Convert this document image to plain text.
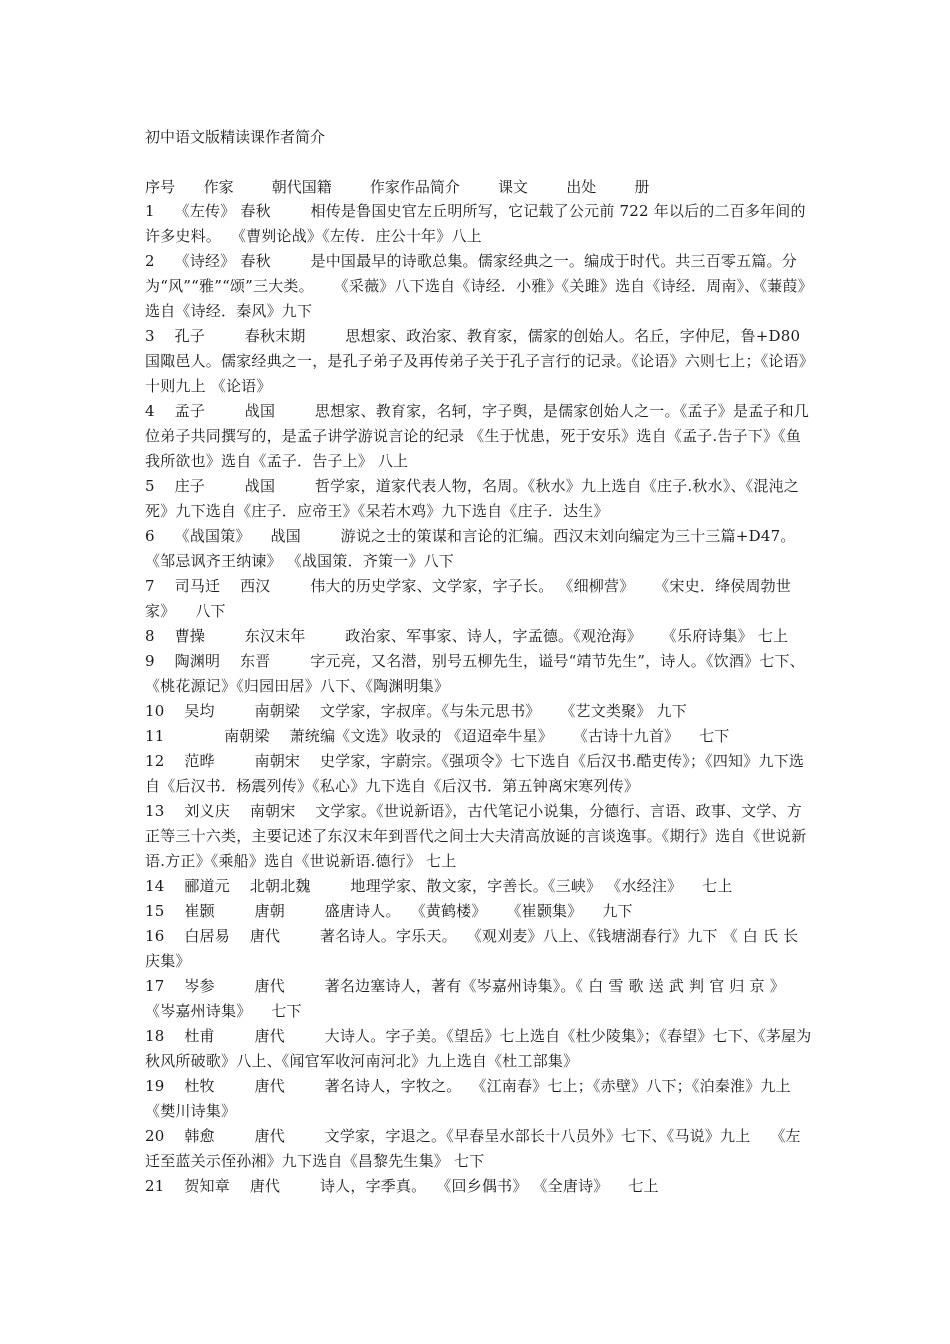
初中语文版精读课作者简介
序号      作家        朝代国籍        作家作品简介        课文        出处        册

1    《左传》 春秋        相传是鲁国史官左丘明所写，它记载了公元前 722 年以后的二百多年间的许多史料。  《曹刿论战》《左传．庄公十年》八上

2    《诗经》 春秋        是中国最早的诗歌总集。儒家经典之一。编成于时代。共三百零五篇。分为“风”“雅”“颂”三大类。    《采薇》八下选自《诗经．小雅》《关雎》选自《诗经．周南》、《蒹葭》选自《诗经．秦风》九下

3    孔子        春秋末期        思想家、政治家、教育家，儒家的创始人。名丘，字仲尼，鲁+D80 国陬邑人。儒家经典之一，是孔子弟子及再传弟子关于孔子言行的记录。《论语》六则七上；《论语》十则九上 《论语》

4    孟子        战国        思想家、教育家，名轲，字子舆，是儒家创始人之一。《孟子》是孟子和几位弟子共同撰写的，是孟子讲学游说言论的纪录 《生于忧患，死于安乐》选自《孟子.告子下》《鱼我所欲也》选自《孟子．告子上》 八上

5    庄子        战国        哲学家，道家代表人物，名周。《秋水》九上选自《庄子.秋水》、《混沌之死》九下选自《庄子．应帝王》《呆若木鸡》九下选自《庄子．达生》

6    《战国策》    战国        游说之士的策谋和言论的汇编。西汉末刘向编定为三十三篇+D47。  《邹忌讽齐王纳谏》 《战国策．齐策一》八下

7    司马迁    西汉        伟大的历史学家、文学家，字子长。 《细柳营》    《宋史．绛侯周勃世家》    八下

8    曹操        东汉末年        政治家、军事家、诗人，字孟德。《观沧海》    《乐府诗集》 七上

9    陶渊明    东晋        字元亮，又名潜，别号五柳先生，谥号“靖节先生”，诗人。《饮酒》七下、《桃花源记》《归园田居》八下、《陶渊明集》

10    吴均        南朝梁    文学家，字叔庠。《与朱元思书》    《艺文类聚》 九下

11            南朝梁    萧统编《文选》收录的 《迢迢牵牛星》    《古诗十九首》    七下

12    范晔        南朝宋    史学家，字蔚宗。《强项令》七下选自《后汉书.酷吏传》；《四知》九下选自《后汉书．杨震列传》《私心》九下选自《后汉书．第五钟离宋寒列传》

13    刘义庆    南朝宋    文学家。《世说新语》，古代笔记小说集，分德行、言语、政事、文学、方正等三十六类，主要记述了东汉末年到晋代之间士大夫清高放诞的言谈逸事。《期行》选自《世说新语.方正》《乘船》选自《世说新语.德行》 七上

14    郦道元    北朝北魏        地理学家、散文家，字善长。《三峡》 《水经注》    七上

15    崔颢        唐朝        盛唐诗人。  《黄鹤楼》    《崔颢集》    九下

16    白居易    唐代        著名诗人。字乐天。  《观刈麦》八上、《钱塘湖春行》九下 《 白 氏 长庆集》

17    岑参        唐代        著名边塞诗人，著有《岑嘉州诗集》。《 白 雪 歌 送 武 判 官 归 京 》    《岑嘉州诗集》    七下

18    杜甫        唐代        大诗人。字子美。《望岳》七上选自《杜少陵集》；《春望》七下、《茅屋为秋风所破歌》八上、《闻官军收河南河北》九上选自《杜工部集》

19    杜牧        唐代        著名诗人，字牧之。  《江南春》七上；《赤壁》八下；《泊秦淮》九上    《樊川诗集》

20    韩愈        唐代        文学家，字退之。《早春呈水部长十八员外》七下、《马说》九上    《左迁至蓝关示侄孙湘》九下选自《昌黎先生集》 七下

21    贺知章    唐代        诗人，字季真。  《回乡偶书》 《全唐诗》    七上
